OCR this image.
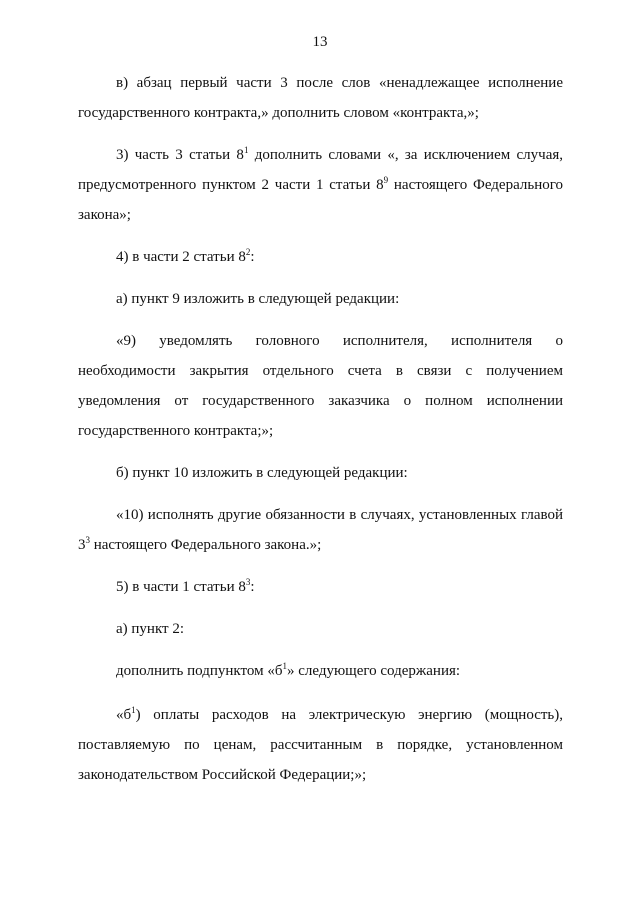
13

в) абзац первый части 3 после слов «ненадлежащее исполнение государственного контракта,» дополнить словом «контракта,»;

3) часть 3 статьи $8^1$ дополнить словами «, за исключением случая, предусмотренного пунктом 2 части 1 статьи $8^9$ настоящего Федерального закона»;

4) в части 2 статьи $8^2$:

а) пункт 9 изложить в следующей редакции:

«9) уведомлять головного исполнителя, исполнителя о необходимости закрытия отдельного счета в связи с получением уведомления от государственного заказчика о полном исполнении государственного контракта;»;

б) пункт 10 изложить в следующей редакции:

«10) исполнять другие обязанности в случаях, установленных главой $3^3$ настоящего Федерального закона.»;

5) в части 1 статьи $8^3$:

а) пункт 2:

дополнить подпунктом «$б^1$» следующего содержания:

«$б^1$) оплаты расходов на электрическую энергию (мощность), поставляемую по ценам, рассчитанным в порядке, установленном законодательством Российской Федерации;»;
